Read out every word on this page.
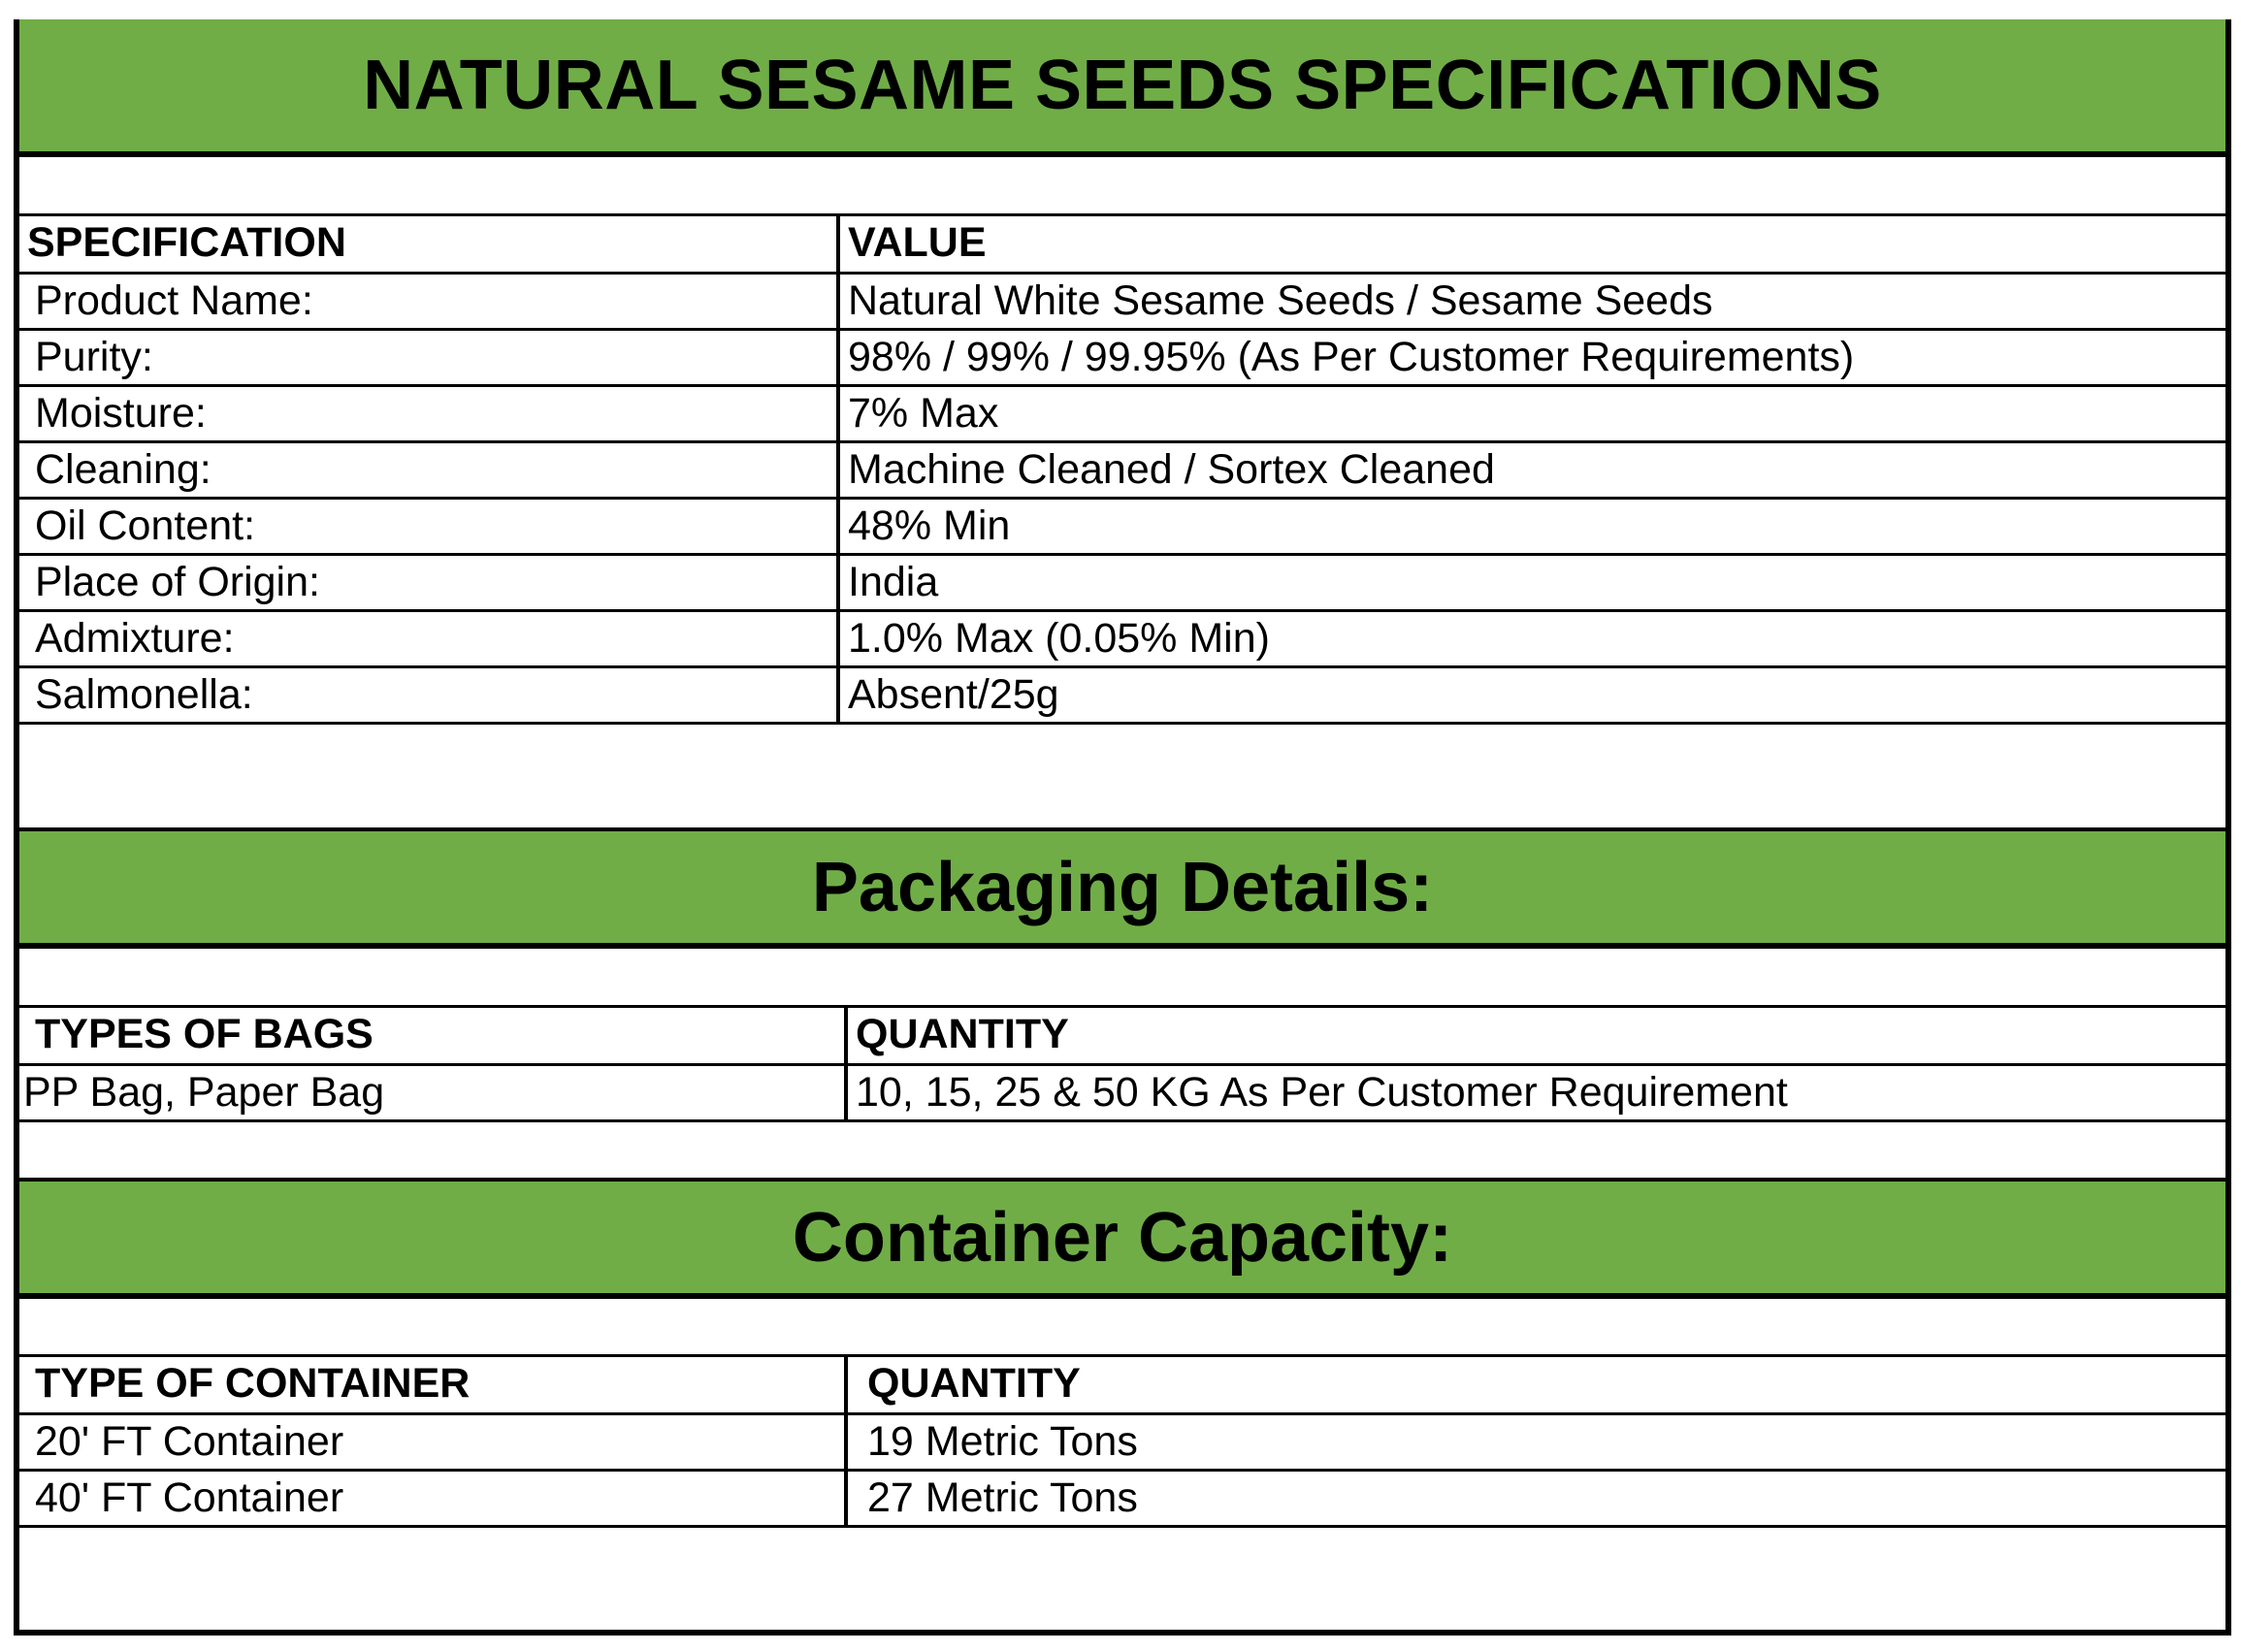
NATURAL SESAME SEEDS SPECIFICATIONS
SPECIFICATION	VALUE
Product Name:	Natural White Sesame Seeds / Sesame Seeds
Purity:	98% / 99% / 99.95% (As Per Customer Requirements)
Moisture:	7% Max
Cleaning:	Machine Cleaned / Sortex Cleaned
Oil Content:	48% Min
Place of Origin:	India
Admixture:	1.0% Max (0.05% Min)
Salmonella:	Absent/25g
Packaging Details:
TYPES OF BAGS	QUANTITY
PP Bag, Paper Bag	10, 15, 25 & 50 KG As Per Customer Requirement
Container Capacity:
TYPE OF CONTAINER	QUANTITY
20' FT Container	19 Metric Tons
40' FT Container	27 Metric Tons
